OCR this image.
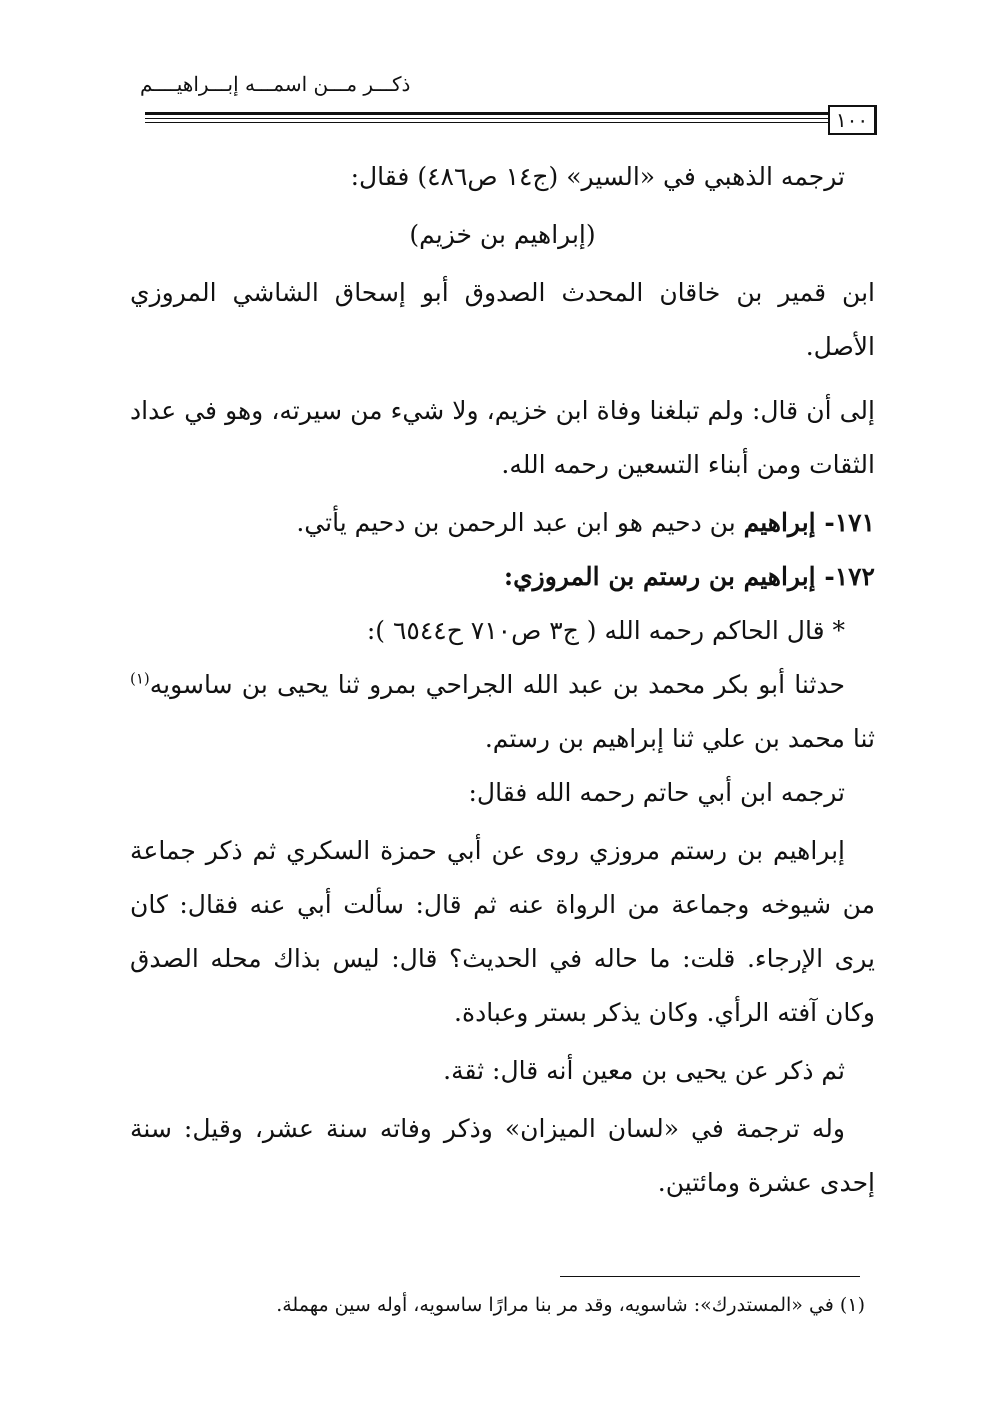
ذكـــر مـــن اسمـــه إبـــراهيــــم
١٠٠

ترجمه الذهبي في «السير» (ج١٤ ص٤٨٦) فقال:

(إبراهيم بن خزيم)

ابن قمير بن خاقان المحدث الصدوق أبو إسحاق الشاشي المروزي الأصل.

إلى أن قال: ولم تبلغنا وفاة ابن خزيم، ولا شيء من سيرته، وهو في عداد الثقات ومن أبناء التسعين رحمه الله.

١٧١- إبراهيم بن دحيم هو ابن عبد الرحمن بن دحيم يأتي.

١٧٢- إبراهيم بن رستم بن المروزي:

* قال الحاكم رحمه الله ( ج٣ ص٧١٠ ح٦٥٤٤ ):

حدثنا أبو بكر محمد بن عبد الله الجراحي بمرو ثنا يحيى بن ساسويه$^{(١)}$ ثنا محمد بن علي ثنا إبراهيم بن رستم.

ترجمه ابن أبي حاتم رحمه الله فقال:

إبراهيم بن رستم مروزي روى عن أبي حمزة السكري ثم ذكر جماعة من شيوخه وجماعة من الرواة عنه ثم قال: سألت أبي عنه فقال: كان يرى الإرجاء. قلت: ما حاله في الحديث؟ قال: ليس بذاك محله الصدق وكان آفته الرأي. وكان يذكر بستر وعبادة.

ثم ذكر عن يحيى بن معين أنه قال: ثقة.

وله ترجمة في «لسان الميزان» وذكر وفاته سنة عشر، وقيل: سنة إحدى عشرة ومائتين.

(١) في «المستدرك»: شاسويه، وقد مر بنا مرارًا ساسويه، أوله سين مهملة.
